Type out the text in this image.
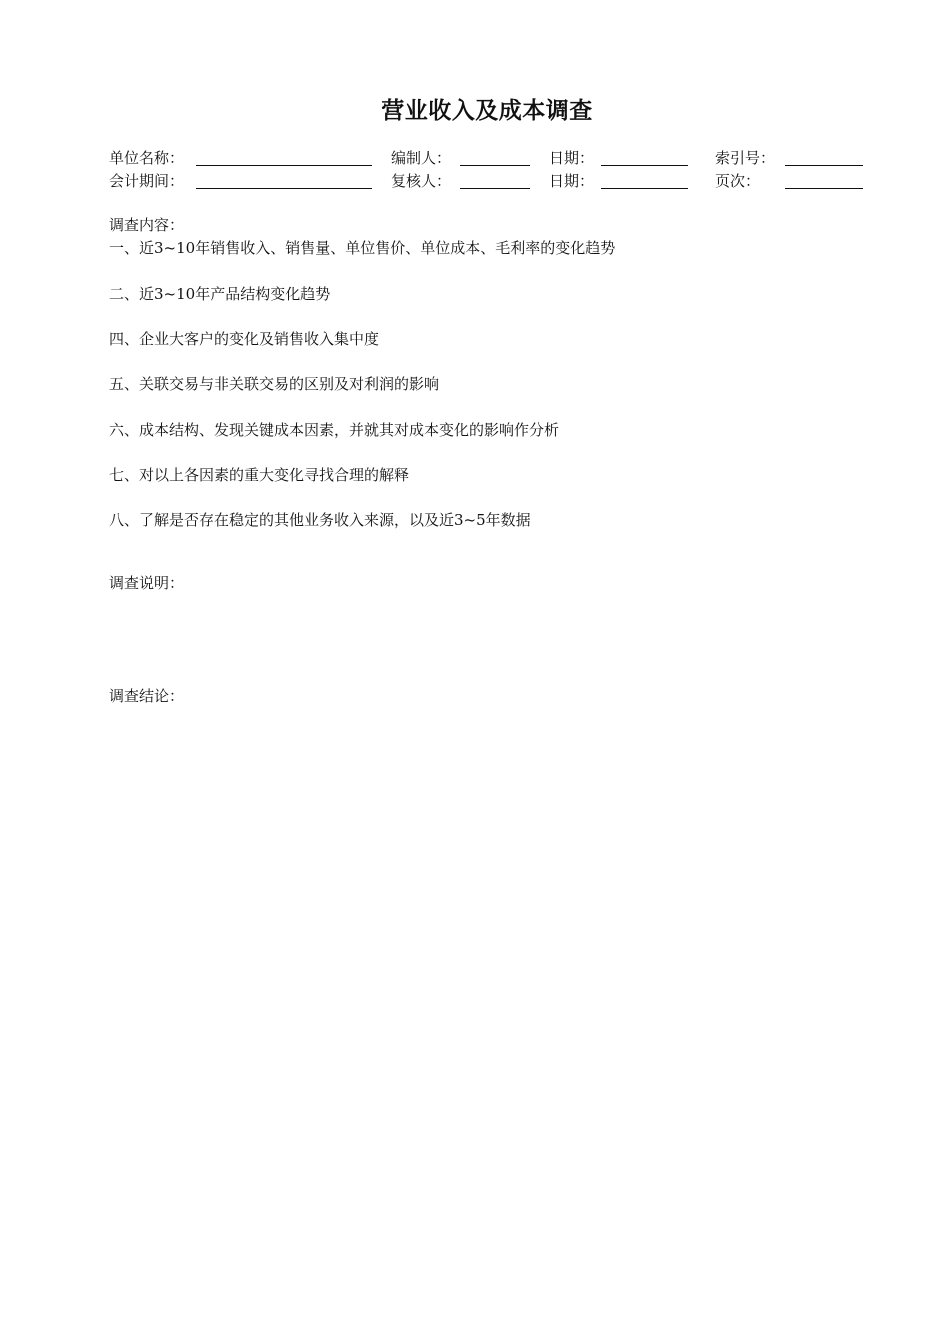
营业收入及成本调查
单位名称：	编制人：	日期：	索引号：
会计期间：	复核人：	日期：	页次：
调查内容：
一、近3~10年销售收入、销售量、单位售价、单位成本、毛利率的变化趋势
二、近3~10年产品结构变化趋势
四、企业大客户的变化及销售收入集中度
五、关联交易与非关联交易的区别及对利润的影响
六、成本结构、发现关键成本因素，并就其对成本变化的影响作分析
七、对以上各因素的重大变化寻找合理的解释
八、了解是否存在稳定的其他业务收入来源，以及近3~5年数据
调查说明：
调查结论：
